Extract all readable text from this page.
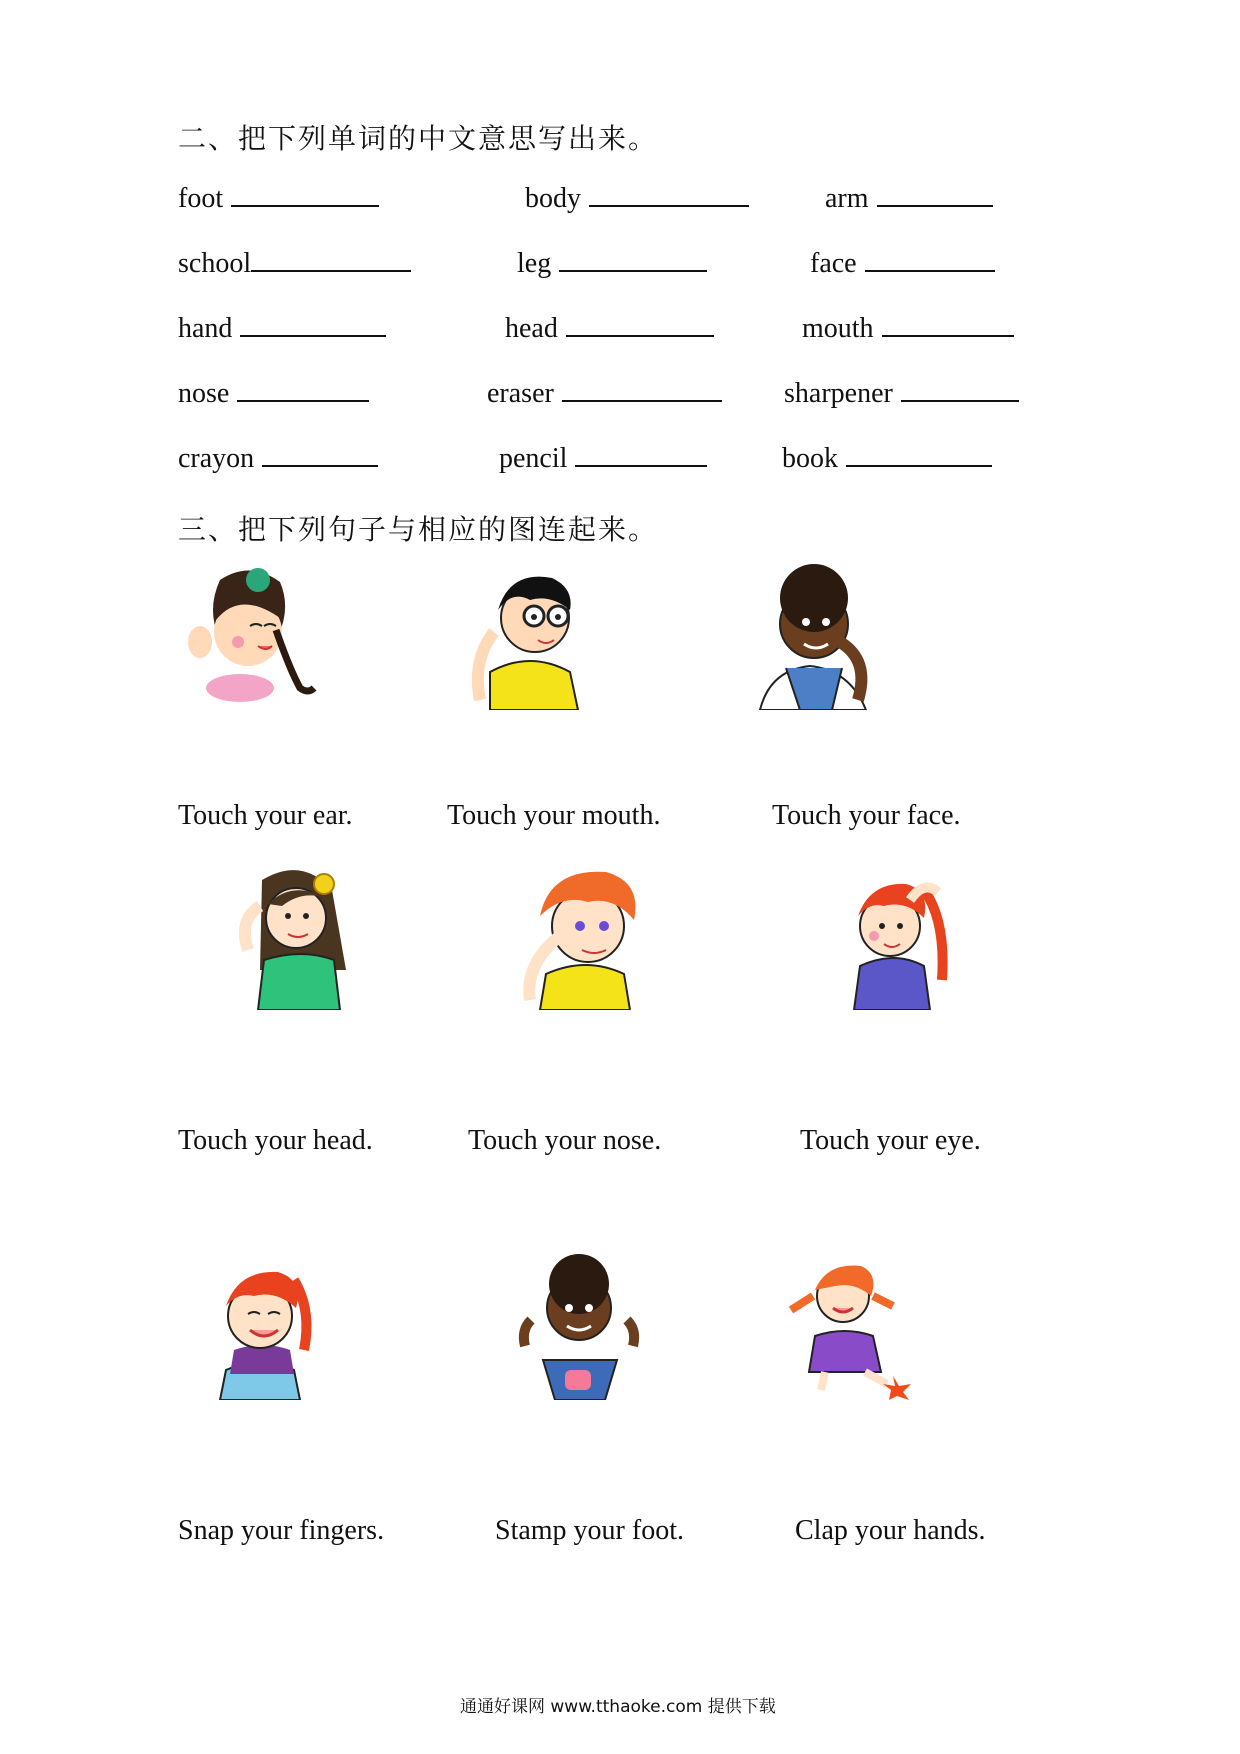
二、把下列单词的中文意思写出来。
foot	body	arm
school	leg	face
hand	head	mouth
nose	eraser	sharpener
crayon	pencil	book
三、把下列句子与相应的图连起来。
Touch your ear.	Touch your mouth.	Touch your face.
Touch your head.	Touch your nose.	Touch your eye.
Snap your fingers.	Stamp your foot.	Clap your hands.
通通好课网 www.tthaoke.com 提供下载
